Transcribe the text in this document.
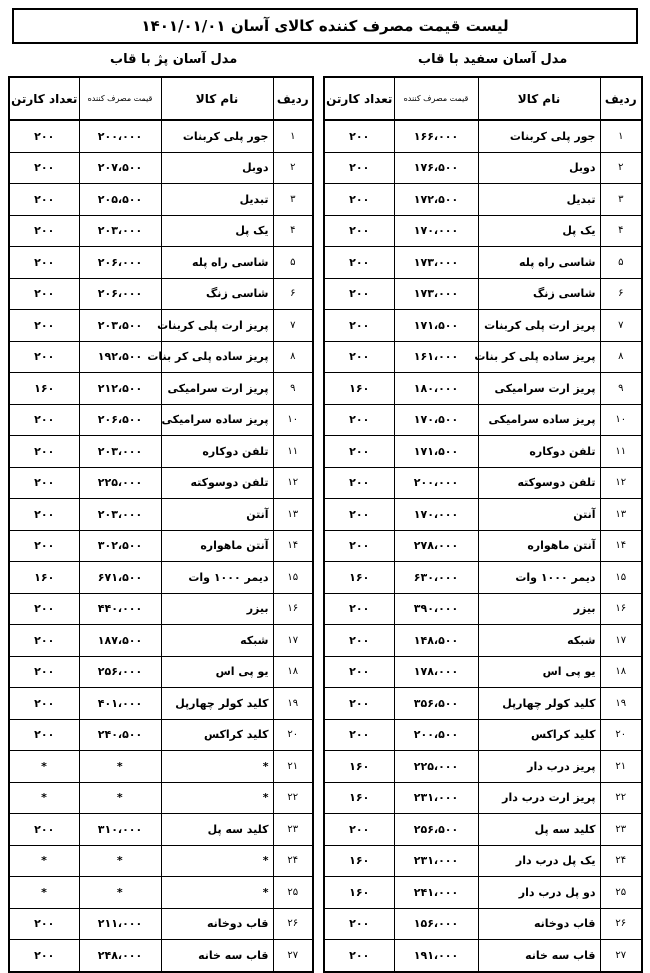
لیست قیمت مصرف کننده کالای آسان ۱۴۰۱/۰۱/۰۱
مدل آسان پژ با قاب	مدل آسان سفید با قاب
ردیف	نام کالا	قیمت مصرف کننده	تعداد کارتن
۱	جور پلی کربنات	۲۰۰،۰۰۰	۲۰۰
۲	دوبل	۲۰۷،۵۰۰	۲۰۰
۳	تبدیل	۲۰۵،۵۰۰	۲۰۰
۴	یک پل	۲۰۳،۰۰۰	۲۰۰
۵	شاسی راه پله	۲۰۶،۰۰۰	۲۰۰
۶	شاسی زنگ	۲۰۶،۰۰۰	۲۰۰
۷	پریز ارت پلی کربنات	۲۰۳،۵۰۰	۲۰۰
۸	پریز ساده پلی کر بنات	۱۹۲،۵۰۰	۲۰۰
۹	پریز ارت سرامیکی	۲۱۲،۵۰۰	۱۶۰
۱۰	پریز ساده سرامیکی	۲۰۶،۵۰۰	۲۰۰
۱۱	تلفن دوکاره	۲۰۳،۰۰۰	۲۰۰
۱۲	تلفن دوسوکته	۲۲۵،۰۰۰	۲۰۰
۱۳	آنتن	۲۰۳،۰۰۰	۲۰۰
۱۴	آنتن ماهواره	۳۰۲،۵۰۰	۲۰۰
۱۵	دیمر ۱۰۰۰ وات	۶۷۱،۵۰۰	۱۶۰
۱۶	بیزر	۴۴۰،۰۰۰	۲۰۰
۱۷	شبکه	۱۸۷،۵۰۰	۲۰۰
۱۸	یو پی اس	۲۵۶،۰۰۰	۲۰۰
۱۹	کلید کولر چهارپل	۴۰۱،۰۰۰	۲۰۰
۲۰	کلید کراکس	۲۴۰،۵۰۰	۲۰۰
۲۱	*	*	*
۲۲	*	*	*
۲۳	کلید سه پل	۳۱۰،۰۰۰	۲۰۰
۲۴	*	*	*
۲۵	*	*	*
۲۶	قاب دوخانه	۲۱۱،۰۰۰	۲۰۰
۲۷	قاب سه خانه	۲۴۸،۰۰۰	۲۰۰
ردیف	نام کالا	قیمت مصرف کننده	تعداد کارتن
۱	جور پلی کربنات	۱۶۶،۰۰۰	۲۰۰
۲	دوبل	۱۷۶،۵۰۰	۲۰۰
۳	تبدیل	۱۷۲،۵۰۰	۲۰۰
۴	یک پل	۱۷۰،۰۰۰	۲۰۰
۵	شاسی راه پله	۱۷۳،۰۰۰	۲۰۰
۶	شاسی زنگ	۱۷۳،۰۰۰	۲۰۰
۷	پریز ارت پلی کربنات	۱۷۱،۵۰۰	۲۰۰
۸	پریز ساده پلی کر بنات	۱۶۱،۰۰۰	۲۰۰
۹	پریز ارت سرامیکی	۱۸۰،۰۰۰	۱۶۰
۱۰	پریز ساده سرامیکی	۱۷۰،۵۰۰	۲۰۰
۱۱	تلفن دوکاره	۱۷۱،۵۰۰	۲۰۰
۱۲	تلفن دوسوکته	۲۰۰،۰۰۰	۲۰۰
۱۳	آنتن	۱۷۰،۰۰۰	۲۰۰
۱۴	آنتن ماهواره	۲۷۸،۰۰۰	۲۰۰
۱۵	دیمر ۱۰۰۰ وات	۶۳۰،۰۰۰	۱۶۰
۱۶	بیزر	۳۹۰،۰۰۰	۲۰۰
۱۷	شبکه	۱۴۸،۵۰۰	۲۰۰
۱۸	یو پی اس	۱۷۸،۰۰۰	۲۰۰
۱۹	کلید کولر چهارپل	۳۵۶،۵۰۰	۲۰۰
۲۰	کلید کراکس	۲۰۰،۵۰۰	۲۰۰
۲۱	پریز درب دار	۲۲۵،۰۰۰	۱۶۰
۲۲	پریز ارت درب دار	۲۳۱،۰۰۰	۱۶۰
۲۳	کلید سه پل	۲۵۶،۵۰۰	۲۰۰
۲۴	یک پل درب دار	۲۳۱،۰۰۰	۱۶۰
۲۵	دو پل درب دار	۲۴۱،۰۰۰	۱۶۰
۲۶	قاب دوخانه	۱۵۶،۰۰۰	۲۰۰
۲۷	قاب سه خانه	۱۹۱،۰۰۰	۲۰۰
